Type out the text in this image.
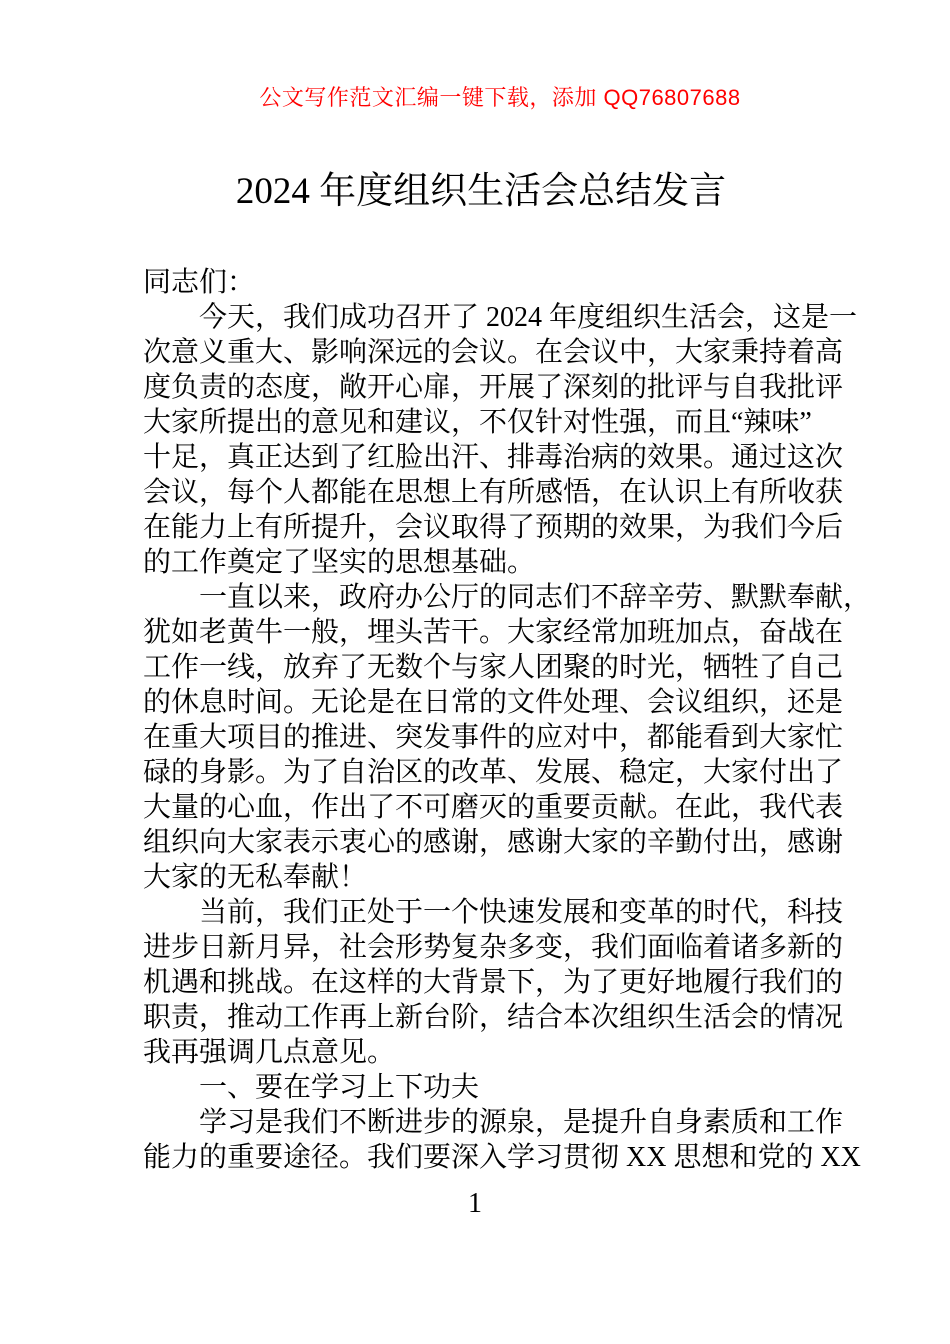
公文写作范文汇编一键下载，添加 QQ76807688
2024 年度组织生活会总结发言
同志们：
　　今天，我们成功召开了 2024 年度组织生活会，这是一
次意义重大、影响深远的会议。在会议中，大家秉持着高
度负责的态度，敞开心扉，开展了深刻的批评与自我批评
大家所提出的意见和建议，不仅针对性强，而且“辣味”
十足，真正达到了红脸出汗、排毒治病的效果。通过这次
会议，每个人都能在思想上有所感悟，在认识上有所收获
在能力上有所提升，会议取得了预期的效果，为我们今后
的工作奠定了坚实的思想基础。
　　一直以来，政府办公厅的同志们不辞辛劳、默默奉献，
犹如老黄牛一般，埋头苦干。大家经常加班加点，奋战在
工作一线，放弃了无数个与家人团聚的时光，牺牲了自己
的休息时间。无论是在日常的文件处理、会议组织，还是
在重大项目的推进、突发事件的应对中，都能看到大家忙
碌的身影。为了自治区的改革、发展、稳定，大家付出了
大量的心血，作出了不可磨灭的重要贡献。在此，我代表
组织向大家表示衷心的感谢，感谢大家的辛勤付出，感谢
大家的无私奉献！
　　当前，我们正处于一个快速发展和变革的时代，科技
进步日新月异，社会形势复杂多变，我们面临着诸多新的
机遇和挑战。在这样的大背景下，为了更好地履行我们的
职责，推动工作再上新台阶，结合本次组织生活会的情况
我再强调几点意见。
　　一、要在学习上下功夫
　　学习是我们不断进步的源泉，是提升自身素质和工作
能力的重要途径。我们要深入学习贯彻 XX 思想和党的 XX
1
